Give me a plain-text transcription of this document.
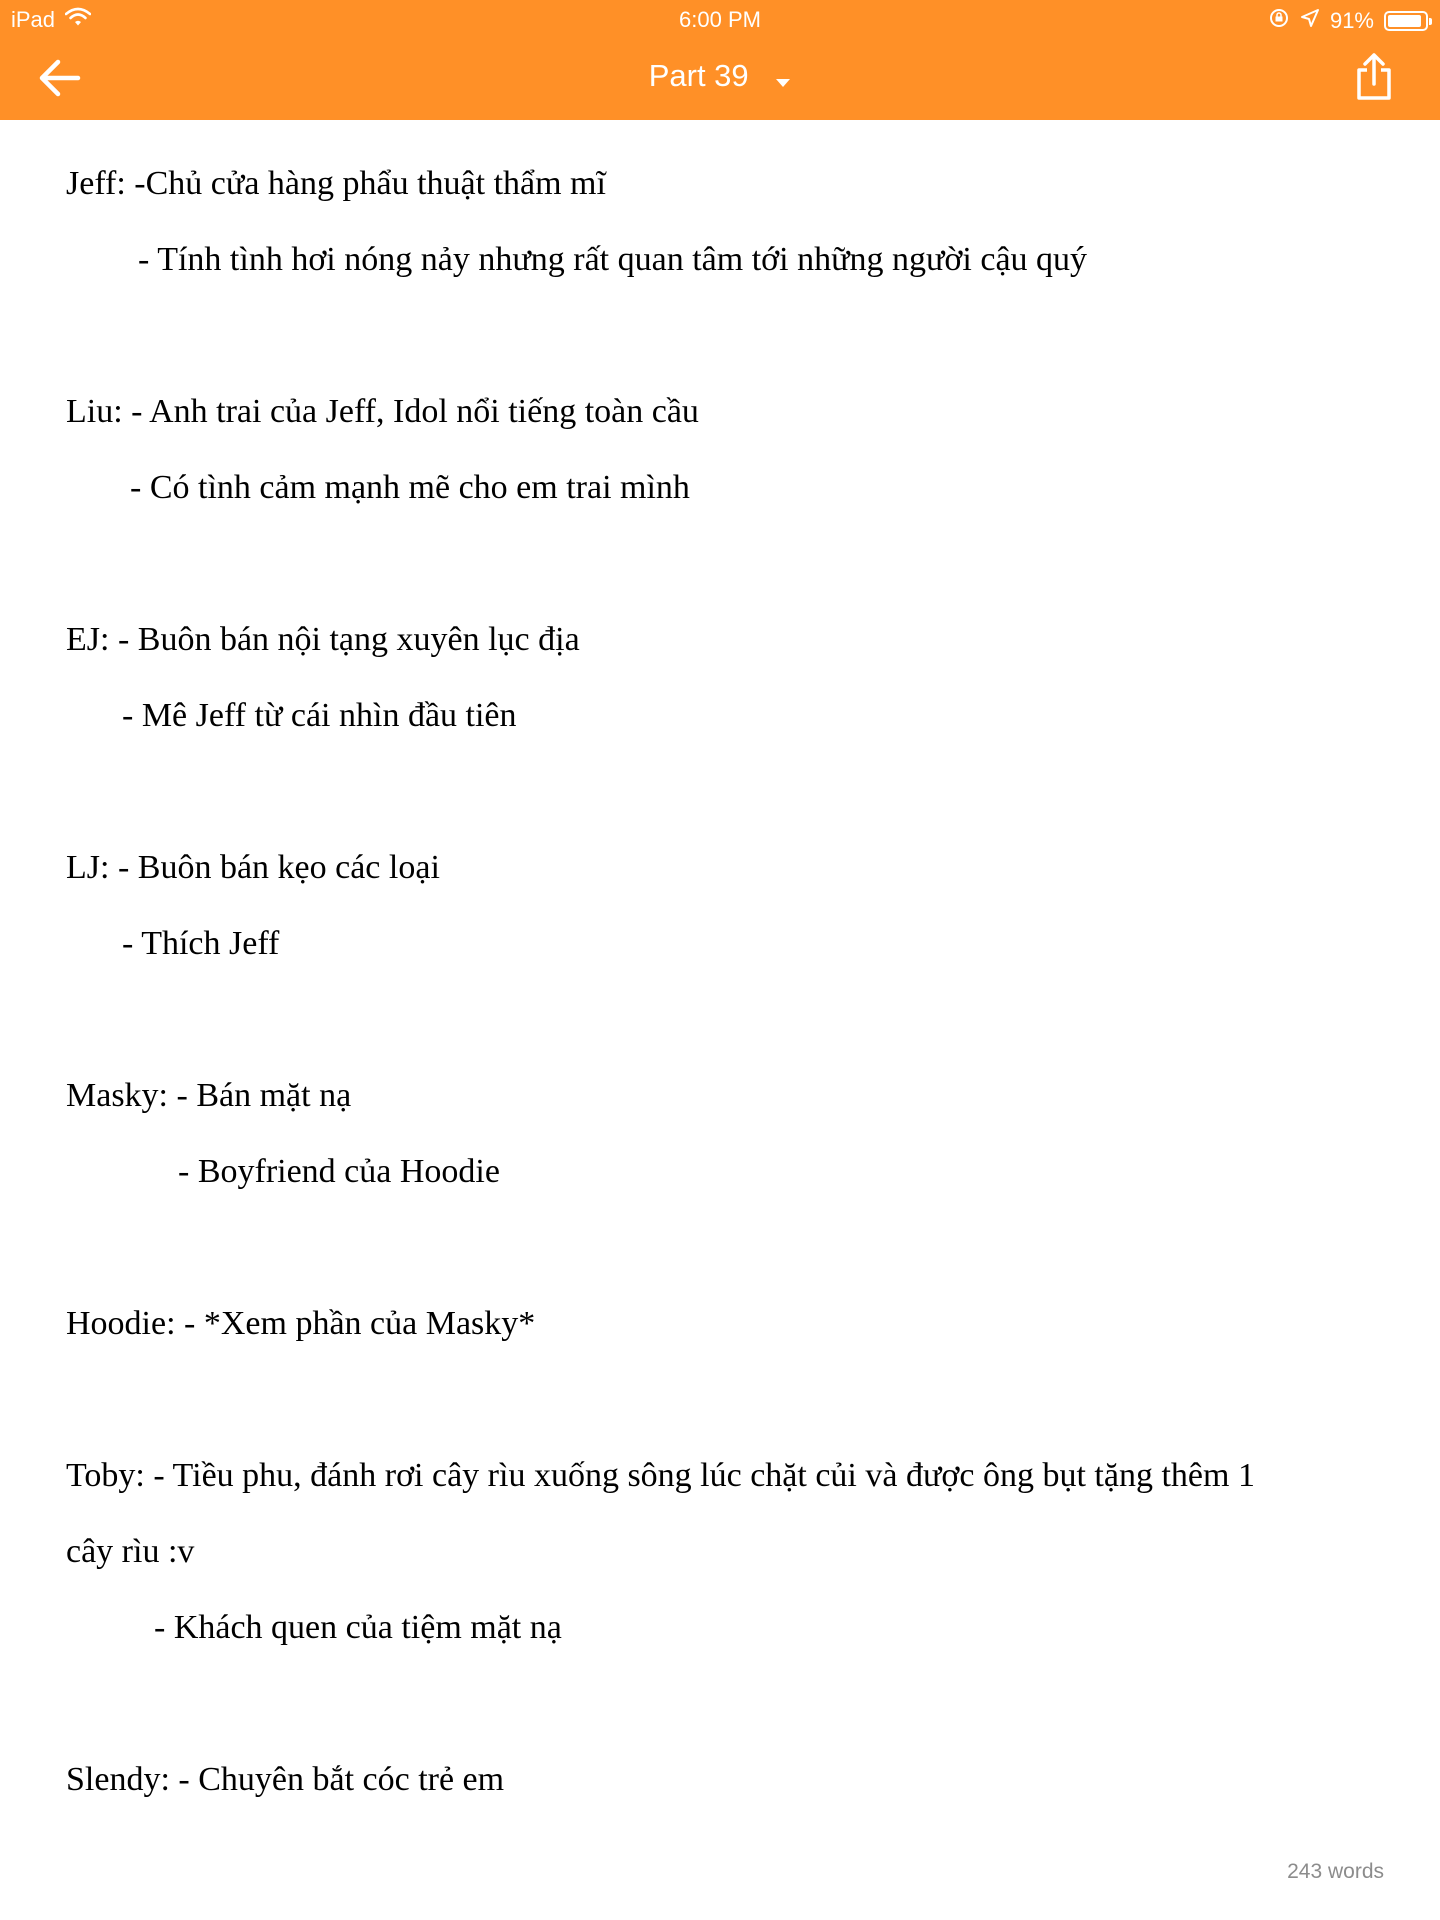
iPad	6:00 PM	91%
Part 39
Jeff: -Chủ cửa hàng phẩu thuật thẩm mĩ
- Tính tình hơi nóng nảy nhưng rất quan tâm tới những người cậu quý
Liu: - Anh trai của Jeff, Idol nổi tiếng toàn cầu
- Có tình cảm mạnh mẽ cho em trai mình
EJ: - Buôn bán nội tạng xuyên lục địa
- Mê Jeff từ cái nhìn đầu tiên
LJ: - Buôn bán kẹo các loại
- Thích Jeff
Masky: - Bán mặt nạ
- Boyfriend của Hoodie
Hoodie: - *Xem phần của Masky*
Toby: - Tiều phu, đánh rơi cây rìu xuống sông lúc chặt củi và được ông bụt tặng thêm 1
cây rìu :v
- Khách quen của tiệm mặt nạ
Slendy: - Chuyên bắt cóc trẻ em
243 words
